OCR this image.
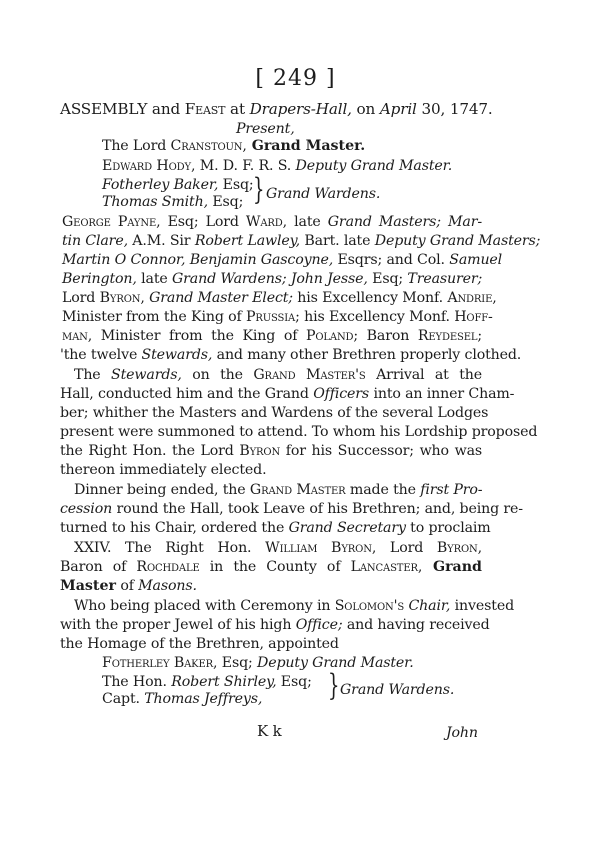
[ 249 ]
ASSEMBLY and Feast at Drapers-Hall, on April 30, 1747.
Present,
The Lord Cranstoun, Grand Master.
Edward Hody, M. D. F. R. S. Deputy Grand Master.
Fotherley Baker, Esq;
Thomas Smith, Esq; } Grand Wardens.
George Payne, Esq; Lord Ward, late Grand Masters; Mar-
tin Clare, A.M. Sir Robert Lawley, Bart. late Deputy Grand Masters;
Martin O Connor, Benjamin Gascoyne, Esqrs; and Col. Samuel
Berington, late Grand Wardens; John Jesse, Esq; Treasurer;
Lord Byron, Grand Master Elect; his Excellency Monf. Andrie,
Minister from the King of Prussia; his Excellency Monf. Hoff-
man, Minister from the King of Poland; Baron Reydesel;
'the twelve Stewards, and many other Brethren properly clothed.
The Stewards, on the Grand Master's Arrival at the
Hall, conducted him and the Grand Officers into an inner Cham-
ber; whither the Masters and Wardens of the several Lodges
present were summoned to attend. To whom his Lordship proposed
the Right Hon. the Lord Byron for his Successor; who was
thereon immediately elected.
Dinner being ended, the Grand Master made the first Pro-
cession round the Hall, took Leave of his Brethren; and, being re-
turned to his Chair, ordered the Grand Secretary to proclaim
XXIV. The Right Hon. William Byron, Lord Byron,
Baron of Rochdale in the County of Lancaster, Grand
Master of Masons.
Who being placed with Ceremony in Solomon's Chair, invested
with the proper Jewel of his high Office; and having received
the Homage of the Brethren, appointed
Fotherley Baker, Esq; Deputy Grand Master.
The Hon. Robert Shirley, Esq;
Capt. Thomas Jeffreys, } Grand Wardens.
K k	John
